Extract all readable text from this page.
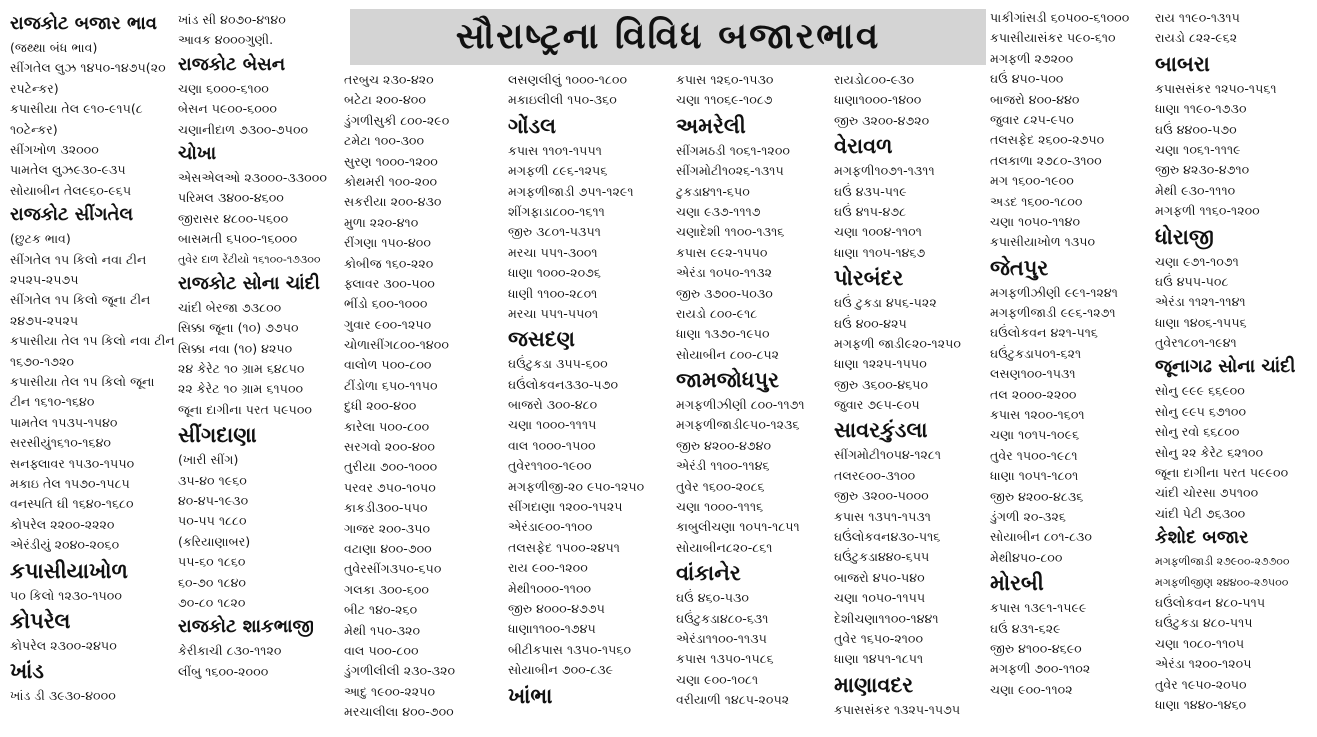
રાજકોટ બજાર ભાવ
(જથ્થા બંધ ભાવ)
સીંગતેલ લુઝ ૧૪૫૦-૧૪૭૫(૨૦ રપટેન્કર)
કપાસીયા તેલ ૯૧૦-૯૧૫(૮ ૧૦ટેન્કર)
સીંગખોળ ૩૨૦૦૦
પામતેલ લુઝ૯૩૦-૯૩૫
સોયાબીન તેલ૯૬૦-૯૬૫
રાજકોટ સીંગતેલ
(છુટક ભાવ)
સીંગતેલ ૧૫ કિલો નવા ટીન ૨૫૨૫-૨૫૭૫
સીંગતેલ ૧૫ કિલો જૂના ટીન ૨૪૭૫-૨૫૨૫
કપાસીયા તેલ ૧૫ કિલો નવા ટીન ૧૬૭૦-૧૭૨૦
કપાસીયા તેલ ૧૫ કિલો જૂના ટીન ૧૬૧૦-૧૬૪૦
પામતેલ ૧૫૩૫-૧૫૪૦
સરસીયું૧૬૧૦-૧૬૪૦
સનફ્લાવર ૧૫૩૦-૧૫૫૦
મકાઇ તેલ ૧૫૭૦-૧૫૮૫
વનસ્પતિ ઘી ૧૬૪૦-૧૬૮૦
કોપરેલ ૨૨૦૦-૨૨૨૦
એરંડીયું ૨૦૪૦-૨૦૬૦
કપાસીયાખોળ
૫૦ કિલો ૧૨૩૦-૧૫૦૦
કોપરેલ
કોપરેલ ૨૩૦૦-૨૪૫૦
ખાંડ
ખાંડ ડી ૩૯૩૦-૪૦૦૦
ખાંડ સી ૪૦૭૦-૪૧૪૦
આવક ૪૦૦૦ગુણી.
રાજકોટ બેસન
ચણા ૬૦૦૦-૬૧૦૦
બેસન ૫૯૦૦-૬૦૦૦
ચણાનીદાળ ૭૩૦૦-૭૫૦૦
ચોખા
એસએલઓ ૨૩૦૦૦-૩૩૦૦૦
પરિમલ ૩૪૦૦-૪૬૦૦
જીરાસર ૪૮૦૦-૫૬૦૦
બાસમતી ૬૫૦૦-૧૬૦૦૦
તુવેર દાળ રેંટીયો ૧૬૧૦૦-૧૭૩૦૦
રાજકોટ સોના ચાંદી
ચાંદી બેરજા ૭૩૮૦૦
સિક્કા જૂના (૧૦) ૭૭૫૦
સિક્કા નવા (૧૦) ૪૨૫૦
૨૪ કેરેટ ૧૦ ગ્રામ ૬૪૮૫૦
૨૨ કેરેટ ૧૦ ગ્રામ ૬૧૫૦૦
જૂના દાગીના પરત ૫૯૫૦૦
સીંગદાણા
(ખારી સીંગ)
૩૫-૪૦ ૧૯૬૦
૪૦-૪૫-૧૯૩૦
૫૦-૫૫ ૧૮૮૦
(કરિયાણાબર)
૫૫-૬૦ ૧૮૬૦
૬૦-૭૦ ૧૮૪૦
૭૦-૮૦ ૧૮૨૦
રાજકોટ શાકભાજી
કેરીકાચી ૮૩૦-૧૧૨૦
લીંબુ ૧૬૦૦-૨૦૦૦
સૌરાષ્ટ્રના વિવિધ બજારભાવ
તરબુચ ૨૩૦-૪૨૦
બટેટા ૨૦૦-૪૦૦
ડુંગળીસુકી ૮૦૦-૨૯૦
ટમેટા ૧૦૦-૩૦૦
સુરણ ૧૦૦૦-૧૨૦૦
કોથમરી ૧૦૦-૨૦૦
સકરીયા ૨૦૦-૪૩૦
મુળા ૨૨૦-૪૧૦
રીંગણા ૧૫૦-૪૦૦
કોબીજ ૧૬૦-૨૨૦
ફ્લાવર ૩૦૦-૫૦૦
ભીંડો ૬૦૦-૧૦૦૦
ગુવાર ૯૦૦-૧૨૫૦
ચોળાસીંગ૮૦૦-૧૪૦૦
વાલોળ ૫૦૦-૮૦૦
ટીંડોળા ૬૫૦-૧૧૫૦
દુધી ૨૦૦-૪૦૦
કારેલા ૫૦૦-૮૦૦
સરગવો ૨૦૦-૪૦૦
તુરીયા ૭૦૦-૧૦૦૦
પરવર ૭૫૦-૧૦૫૦
કાકડી૩૦૦-૫૫૦
ગાજર ૨૦૦-૩૫૦
વટાણા ૪૦૦-૭૦૦
તુવેરસીંગ૩૫૦-૬૫૦
ગલકા ૩૦૦-૬૦૦
બીટ ૧૪૦-૨૬૦
મેથી ૧૫૦-૩૨૦
વાલ ૫૦૦-૮૦૦
ડુંગળીલીલી ૨૩૦-૩૨૦
આદુ ૧૯૦૦-૨૨૫૦
મરચાલીલા ૪૦૦-૭૦૦
લસણલીલું ૧૦૦૦-૧૮૦૦
મકાઇલીલી ૧૫૦-૩૬૦
ગોંડલ
કપાસ ૧૧૦૧-૧૫૫૧
મગફળી ૮૯૬-૧૨૫૬
મગફળીજાડી ૭૫૧-૧૨૯૧
શીંગફાડા૮૦૦-૧૬૧૧
જીરુ ૩૮૦૧-૫૩૫૧
મરચા ૫૫૧-૩૦૦૧
ધાણા ૧૦૦૦-૨૦૭૬
ધાણી ૧૧૦૦-૨૮૦૧
મરચા ૫૫૧-૫૫૦૧
જસદણ
ઘઉંટુકડા ૩૫૫-૬૦૦
ઘઉંલોકવન૩૩૦-૫૭૦
બાજરો ૩૦૦-૪૮૦
ચણા ૧૦૦૦-૧૧૧૫
વાલ ૧૦૦૦-૧૫૦૦
તુવેર૧૧૦૦-૧૯૦૦
મગફળીજી-૨૦ ૯૫૦-૧૨૫૦
સીંગદાણા ૧૨૦૦-૧૫૨૫
એરંડા૯૦૦-૧૧૦૦
તલસફેદ ૧૫૦૦-૨૪૫૧
રાય ૯૦૦-૧૨૦૦
મેથી૧૦૦૦-૧૧૦૦
જીરુ ૪૦૦૦-૪૭૭૫
ધાણા૧૧૦૦-૧૭૪૫
બીટીકપાસ ૧૩૫૦-૧૫૬૦
સોયાબીન ૭૦૦-૮૩૯
ખાંભા
કપાસ ૧૨૬૦-૧૫૩૦
ચણા ૧૧૦૬૯-૧૦૮૭
અમરેલી
સીંગમઠડી ૧૦૬૧-૧૨૦૦
સીંગમોટી૧૦૨૬-૧૩૧૫
ટુકડા૪૧૧-૬૫૦
ચણા ૯૩૭-૧૧૧૭
ચણાદેશી ૧૧૦૦-૧૩૧૬
કપાસ ૯૯૨-૧૫૫૦
એરંડા ૧૦૫૦-૧૧૩૨
જીરુ ૩૭૦૦-૫૦૩૦
રાયડો ૮૦૦-૯૧૮
ધાણા ૧૩૭૦-૧૯૫૦
સોયાબીન ૮૦૦-૮૫૨
જામજોધપુર
મગફળીઝીણી ૮૦૦-૧૧૭૧
મગફળીજાડી૯૫૦-૧૨૩૬
જીરુ ૪૨૦૦-૪૭૪૦
એરંડી ૧૧૦૦-૧૧૪૬
તુવેર ૧૬૦૦-૨૦૮૬
ચણા ૧૦૦૦-૧૧૧૬
કાબુલીચણા ૧૦૫૧-૧૮૫૧
સોયાબીન૮૨૦-૮૬૧
વાંકાનેર
ઘઉં ૪૬૦-૫૩૦
ઘઉંટુકડા૪૮૦-૬૩૧
એરંડા૧૧૦૦-૧૧૩૫
કપાસ ૧૩૫૦-૧૫૮૬
ચણા ૯૦૦-૧૦૮૧
વરીયાળી ૧૪૮૫-૨૦૫૨
રાયડો૮૦૦-૯૩૦
ધાણા૧૦૦૦-૧૪૦૦
જીરુ ૩૨૦૦-૪૭૨૦
વેરાવળ
મગફળી૧૦૭૧-૧૩૧૧
ઘઉં ૪૩૫-૫૧૯
ઘઉં ૪૧૫-૪૭૮
ચણા ૧૦૦૪-૧૧૦૧
ધાણા ૧૧૦૫-૧૪૬૭
પોરબંદર
ઘઉં ટુકડા ૪૫૬-૫૨૨
ઘઉં ૪૦૦-૪૨૫
મગફળી જાડી૯૨૦-૧૨૫૦
ધાણા ૧૨૨૫-૧૫૫૦
જીરુ ૩૬૦૦-૪૬૫૦
જુવાર ૭૯૫-૯૦૫
સાવરકુંડલા
સીંગમોટી૧૦૫૪-૧૨૮૧
તલર૯૦૦-૩૧૦૦
જીરુ ૩૨૦૦-૫૦૦૦
કપાસ ૧૩૫૧-૧૫૩૧
ઘઉંલોકવન૪૩૦-૫૧૬
ઘઉંટુકડા૪૪૦-૬૫૫
બાજરો ૪૫૦-૫૪૦
ચણા ૧૦૫૦-૧૧૫૫
દેશીચણા૧૧૦૦-૧૪૪૧
તુવેર ૧૬૫૦-૨૧૦૦
ધાણા ૧૪૫૧-૧૮૫૧
માણાવદર
કપાસસંકર ૧૩૨૫-૧૫૭૫
પાકીગાંસડી ૬૦૫૦૦-૬૧૦૦૦
કપાસીયાસંકર ૫૯૦-૬૧૦
મગફળી ૨૭૨૦૦
ઘઉં ૪૫૦-૫૦૦
બાજરો ૪૦૦-૪૪૦
જુવાર ૮૨૫-૯૫૦
તલસફેદ ૨૬૦૦-૨૭૫૦
તલકાળા ૨૭૮૦-૩૧૦૦
મગ ૧૬૦૦-૧૯૦૦
અડદ ૧૬૦૦-૧૮૦૦
ચણા ૧૦૫૦-૧૧૪૦
કપાસીયાખોળ ૧૩૫૦
જેતપુર
મગફળીઝીણી ૯૯૧-૧૨૪૧
મગફળીજાડી ૯૯૬-૧૨૭૧
ઘઉંલોકવન ૪૨૧-૫૧૬
ઘઉંટુકડા૫૦૧-૬૨૧
લસણ૧૦૦-૧૫૩૧
તલ ૨૦૦૦-૨૨૦૦
કપાસ ૧૨૦૦-૧૬૦૧
ચણા ૧૦૧૫-૧૦૯૬
તુવેર ૧૫૦૦-૧૯૮૧
ધાણા ૧૦૫૧-૧૮૦૧
જીરુ ૪૨૦૦-૪૮૩૬
ડુંગળી ૨૦-૩૨૬
સોયાબીન ૮૦૧-૮૩૦
મેથી૪૫૦-૮૦૦
મોરબી
કપાસ ૧૩૯૧-૧૫૯૯
ઘઉં ૪૩૧-૬૨૯
જીરુ ૪૧૦૦-૪૬૯૦
મગફળી ૭૦૦-૧૧૦૨
ચણા ૯૦૦-૧૧૦૨
રાય ૧૧૯૦-૧૩૧૫
રાયડો ૮૨૨-૯૬૨
બાબરા
કપાસસંકર ૧૨૫૦-૧૫૬૧
ધાણા ૧૧૯૦-૧૭૩૦
ઘઉં ૪૪૦૦-૫૭૦
ચણા ૧૦૬૧-૧૧૧૯
જીરુ ૪૨૩૦-૪૭૧૦
મેથી ૯૩૦-૧૧૧૦
મગફળી ૧૧૬૦-૧૨૦૦
ધોરાજી
ચણા ૯૭૧-૧૦૭૧
ઘઉં ૪૫૫-૫૦૮
એરંડા ૧૧૨૧-૧૧૪૧
ધાણા ૧૪૦૬-૧૫૫૬
તુવેર૧૮૦૧-૧૯૪૧
જૂનાગઢ સોના ચાંદી
સોનુ ૯૯૯ ૬૬૯૦૦
સોનુ ૯૯૫ ૬૭૧૦૦
સોનુ રવો ૬૬૮૦૦
સોનુ ૨૨ કેરેટ ૬૨૧૦૦
જૂના દાગીના પરત ૫૯૯૦૦
ચાંદી ચોરસા ૭૫૧૦૦
ચાંદી પેટી ૭૬૩૦૦
કેશોદ બજાર
મગફળીજાડી ૨૭૯૦૦-૨૭૭૦૦
મગફળીજીણ ૨૪૪૦૦-૨૭૫૦૦
ઘઉંલોકવન ૪૮૦-૫૧૫
ઘઉંટુકડા ૪૮૦-૫૧૫
ચણા ૧૦૮૦-૧૧૦૫
એરંડા ૧૨૦૦-૧૨૦૫
તુવેર ૧૯૫૦-૨૦૫૦
ધાણા ૧૪૪૦-૧૪૬૦
